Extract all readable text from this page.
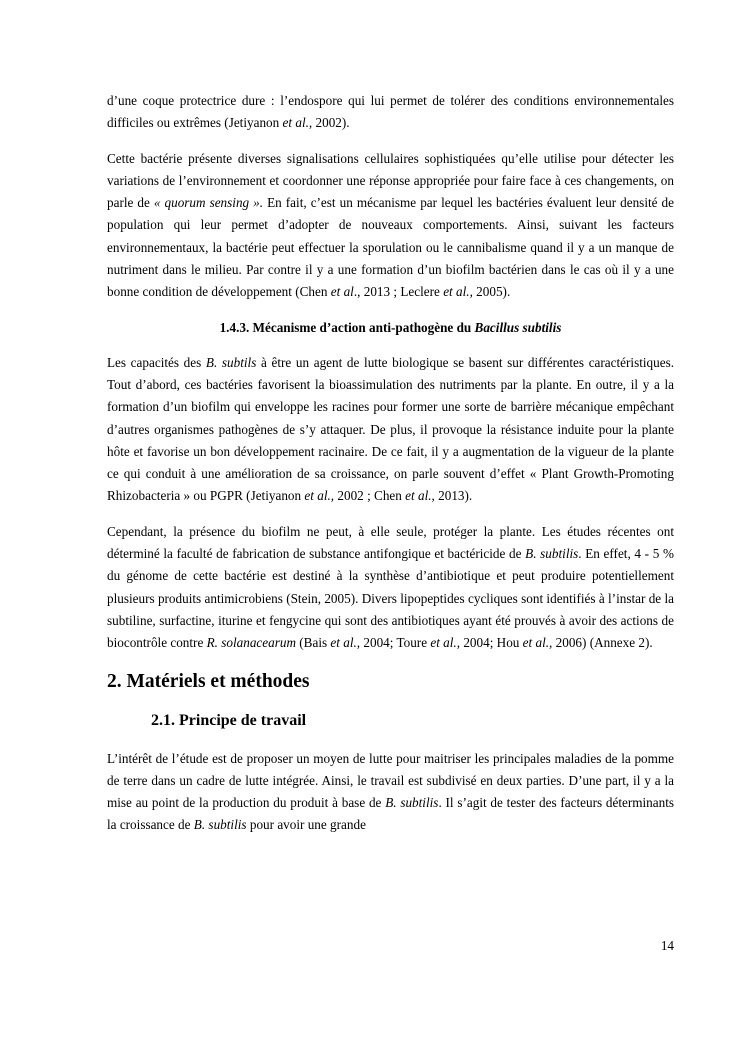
d’une coque protectrice dure : l’endospore qui lui permet de tolérer des conditions environnementales difficiles ou extrêmes (Jetiyanon et al., 2002).

Cette bactérie présente diverses signalisations cellulaires sophistiquées qu’elle utilise pour détecter les variations de l’environnement et coordonner une réponse appropriée pour faire face à ces changements, on parle de « quorum sensing ». En fait, c’est un mécanisme par lequel les bactéries évaluent leur densité de population qui leur permet d’adopter de nouveaux comportements. Ainsi, suivant les facteurs environnementaux, la bactérie peut effectuer la sporulation ou le cannibalisme quand il y a un manque de nutriment dans le milieu. Par contre il y a une formation d’un biofilm bactérien dans le cas où il y a une bonne condition de développement (Chen et al., 2013 ; Leclere et al., 2005).

1.4.3. Mécanisme d’action anti-pathogène du Bacillus subtilis

Les capacités des B. subtils à être un agent de lutte biologique se basent sur différentes caractéristiques. Tout d’abord, ces bactéries favorisent la bioassimulation des nutriments par la plante. En outre, il y a la formation d’un biofilm qui enveloppe les racines pour former une sorte de barrière mécanique empêchant d’autres organismes pathogènes de s’y attaquer. De plus, il provoque la résistance induite pour la plante hôte et favorise un bon développement racinaire. De ce fait, il y a augmentation de la vigueur de la plante ce qui conduit à une amélioration de sa croissance, on parle souvent d’effet « Plant Growth-Promoting Rhizobacteria » ou PGPR (Jetiyanon et al., 2002 ; Chen et al., 2013).

Cependant, la présence du biofilm ne peut, à elle seule, protéger la plante. Les études récentes ont déterminé la faculté de fabrication de substance antifongique et bactéricide de B. subtilis. En effet, 4 - 5 % du génome de cette bactérie est destiné à la synthèse d’antibiotique et peut produire potentiellement plusieurs produits antimicrobiens (Stein, 2005). Divers lipopeptides cycliques sont identifiés à l’instar de la subtiline, surfactine, iturine et fengycine qui sont des antibiotiques ayant été prouvés à avoir des actions de biocontrôle contre R. solanacearum (Bais et al., 2004; Toure et al., 2004; Hou et al., 2006) (Annexe 2).

2. Matériels et méthodes

2.1. Principe de travail

L’intérêt de l’étude est de proposer un moyen de lutte pour maitriser les principales maladies de la pomme de terre dans un cadre de lutte intégrée. Ainsi, le travail est subdivisé en deux parties. D’une part, il y a la mise au point de la production du produit à base de B. subtilis. Il s’agit de tester des facteurs déterminants la croissance de B. subtilis pour avoir une grande

14
